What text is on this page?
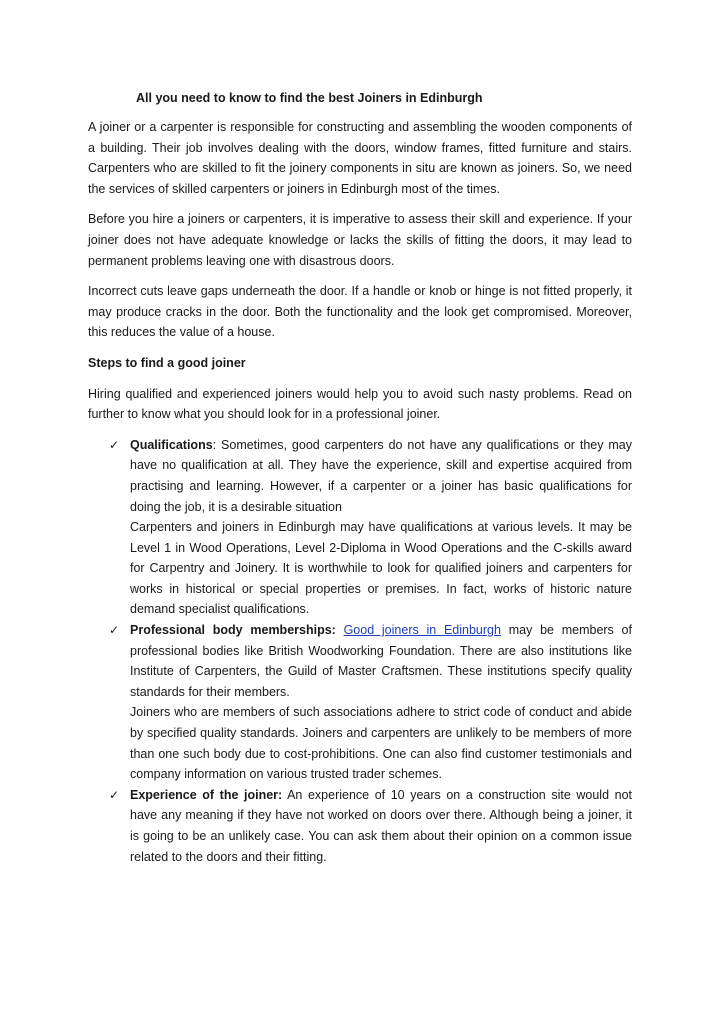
All you need to know to find the best Joiners in Edinburgh

A joiner or a carpenter is responsible for constructing and assembling the wooden components of a building. Their job involves dealing with the doors, window frames, fitted furniture and stairs. Carpenters who are skilled to fit the joinery components in situ are known as joiners. So, we need the services of skilled carpenters or joiners in Edinburgh most of the times.

Before you hire a joiners or carpenters, it is imperative to assess their skill and experience. If your joiner does not have adequate knowledge or lacks the skills of fitting the doors, it may lead to permanent problems leaving one with disastrous doors.

Incorrect cuts leave gaps underneath the door. If a handle or knob or hinge is not fitted properly, it may produce cracks in the door. Both the functionality and the look get compromised. Moreover, this reduces the value of a house.

Steps to find a good joiner

Hiring qualified and experienced joiners would help you to avoid such nasty problems. Read on further to know what you should look for in a professional joiner.

✓ Qualifications: Sometimes, good carpenters do not have any qualifications or they may have no qualification at all. They have the experience, skill and expertise acquired from practising and learning. However, if a carpenter or a joiner has basic qualifications for doing the job, it is a desirable situation
Carpenters and joiners in Edinburgh may have qualifications at various levels. It may be Level 1 in Wood Operations, Level 2-Diploma in Wood Operations and the C-skills award for Carpentry and Joinery. It is worthwhile to look for qualified joiners and carpenters for works in historical or special properties or premises. In fact, works of historic nature demand specialist qualifications.
✓ Professional body memberships: Good joiners in Edinburgh may be members of professional bodies like British Woodworking Foundation. There are also institutions like Institute of Carpenters, the Guild of Master Craftsmen. These institutions specify quality standards for their members.
Joiners who are members of such associations adhere to strict code of conduct and abide by specified quality standards. Joiners and carpenters are unlikely to be members of more than one such body due to cost-prohibitions. One can also find customer testimonials and company information on various trusted trader schemes.
✓ Experience of the joiner: An experience of 10 years on a construction site would not have any meaning if they have not worked on doors over there. Although being a joiner, it is going to be an unlikely case. You can ask them about their opinion on a common issue related to the doors and their fitting.
